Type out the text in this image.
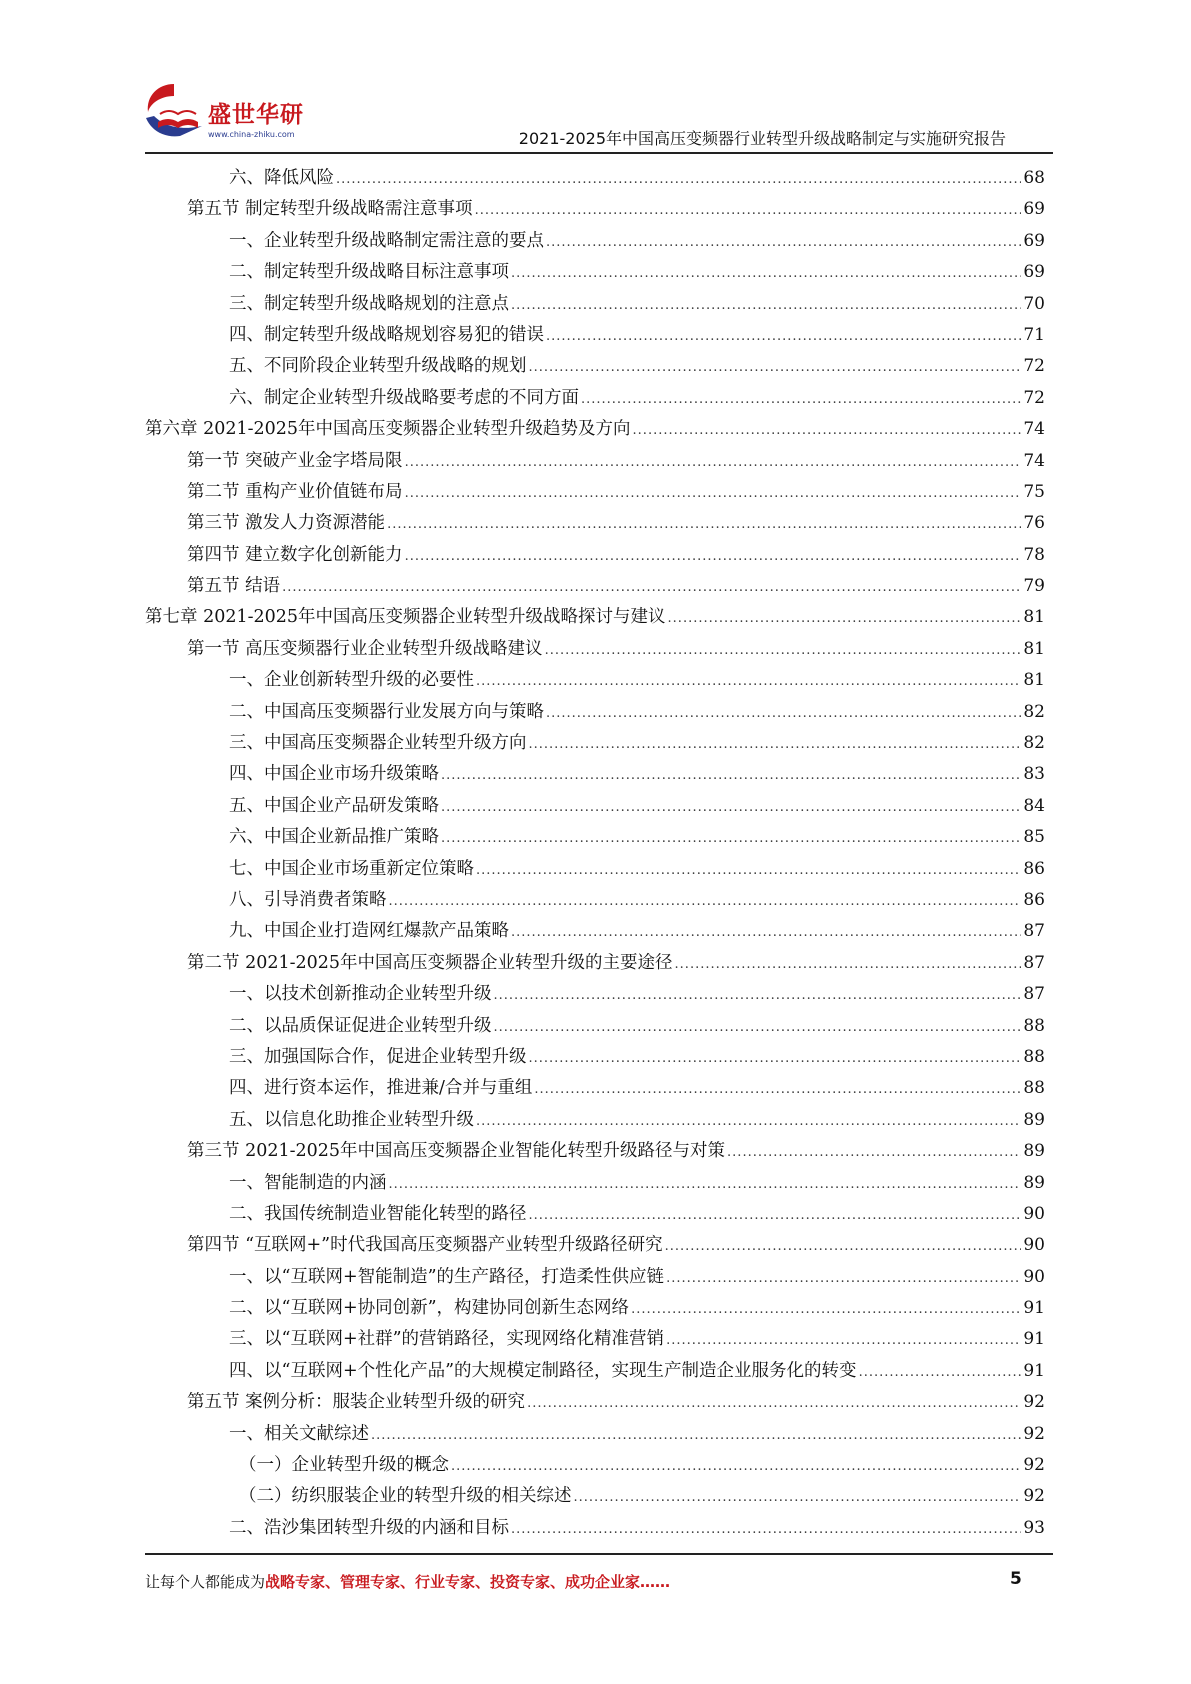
盛世华研
www.china-zhiku.com	2021-2025年中国高压变频器行业转型升级战略制定与实施研究报告
六、降低风险 .....	68
第五节 制定转型升级战略需注意事项 .....	69
一、企业转型升级战略制定需注意的要点 .....	69
二、制定转型升级战略目标注意事项 .....	69
三、制定转型升级战略规划的注意点 .....	70
四、制定转型升级战略规划容易犯的错误 .....	71
五、不同阶段企业转型升级战略的规划 .....	72
六、制定企业转型升级战略要考虑的不同方面 .....	72
第六章 2021-2025年中国高压变频器企业转型升级趋势及方向 .....	74
第一节 突破产业金字塔局限 .....	74
第二节 重构产业价值链布局 .....	75
第三节 激发人力资源潜能 .....	76
第四节 建立数字化创新能力 .....	78
第五节 结语 .....	79
第七章 2021-2025年中国高压变频器企业转型升级战略探讨与建议 .....	81
第一节 高压变频器行业企业转型升级战略建议 .....	81
一、企业创新转型升级的必要性 .....	81
二、中国高压变频器行业发展方向与策略 .....	82
三、中国高压变频器企业转型升级方向 .....	82
四、中国企业市场升级策略 .....	83
五、中国企业产品研发策略 .....	84
六、中国企业新品推广策略 .....	85
七、中国企业市场重新定位策略 .....	86
八、引导消费者策略 .....	86
九、中国企业打造网红爆款产品策略 .....	87
第二节 2021-2025年中国高压变频器企业转型升级的主要途径 .....	87
一、以技术创新推动企业转型升级 .....	87
二、以品质保证促进企业转型升级 .....	88
三、加强国际合作，促进企业转型升级 .....	88
四、进行资本运作，推进兼/合并与重组 .....	88
五、以信息化助推企业转型升级 .....	89
第三节 2021-2025年中国高压变频器企业智能化转型升级路径与对策 .....	89
一、智能制造的内涵 .....	89
二、我国传统制造业智能化转型的路径 .....	90
第四节 “互联网+”时代我国高压变频器产业转型升级路径研究 .....	90
一、以“互联网+智能制造”的生产路径，打造柔性供应链 .....	90
二、以“互联网+协同创新”，构建协同创新生态网络 .....	91
三、以“互联网+社群”的营销路径，实现网络化精准营销 .....	91
四、以“互联网+个性化产品”的大规模定制路径，实现生产制造企业服务化的转变 .....	91
第五节 案例分析：服装企业转型升级的研究 .....	92
一、相关文献综述 .....	92
（一）企业转型升级的概念 .....	92
（二）纺织服装企业的转型升级的相关综述 .....	92
二、浩沙集团转型升级的内涵和目标 .....	93
让每个人都能成为战略专家、管理专家、行业专家、投资专家、成功企业家……	5
